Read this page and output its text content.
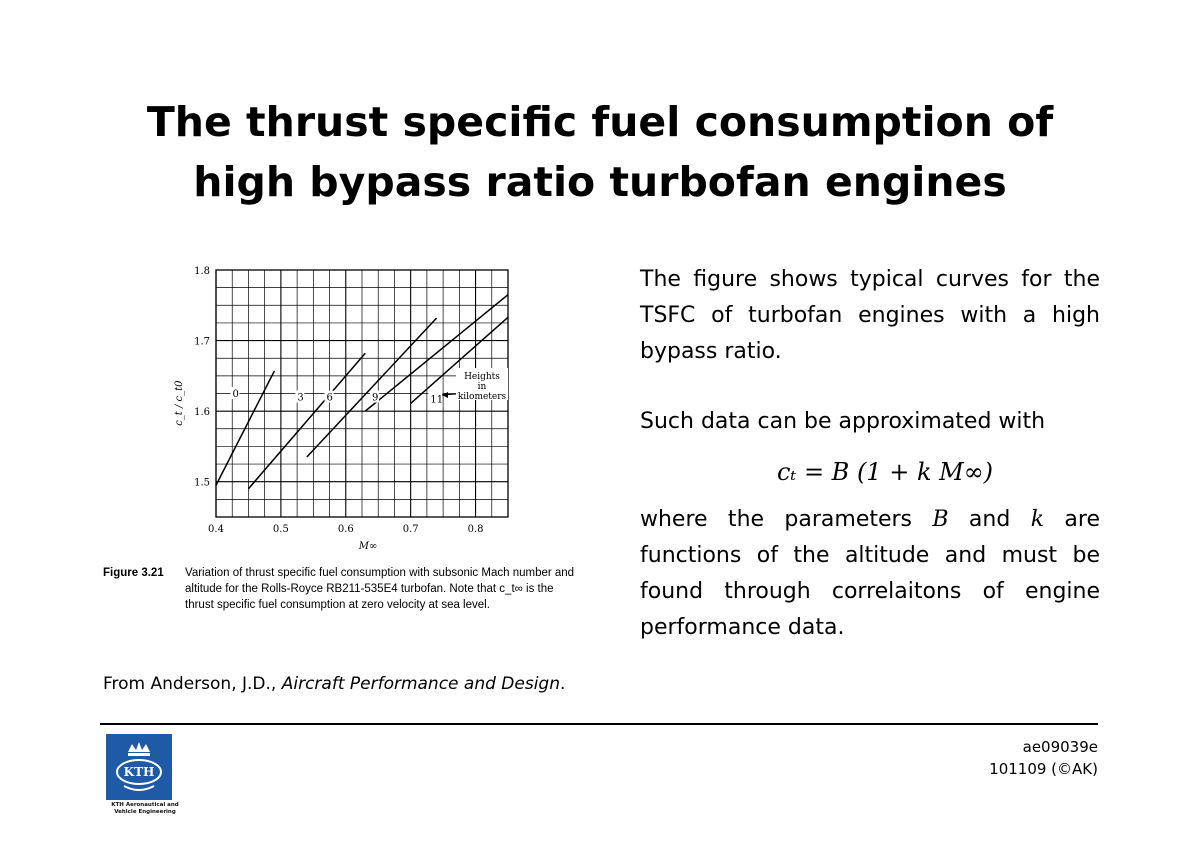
The thrust specific fuel consumption of
high bypass ratio turbofan engines
0.4	0.5	0.6	0.7	0.8
1.5
1.6
1.7
1.8
M∞
c_t / c_t0	0	3 6	9	11
Heights in kilometers
Figure 3.21 Variation of thrust specific fuel consumption with subsonic Mach number and altitude for the Rolls-Royce RB211-535E4 turbofan. Note that c_t∞ is the thrust specific fuel consumption at zero velocity at sea level.
From Anderson, J.D., Aircraft Performance and Design.

The figure shows typical curves for the TSFC of turbofan engines with a high bypass ratio.

Such data can be approximated with

cₜ = B (1 + k M∞)

where the parameters B and k are functions of the altitude and must be found through correlaitons of engine performance data.

KTH
KTH Aeronautical and Vehicle Engineering
ae09039e
101109 (©AK)
